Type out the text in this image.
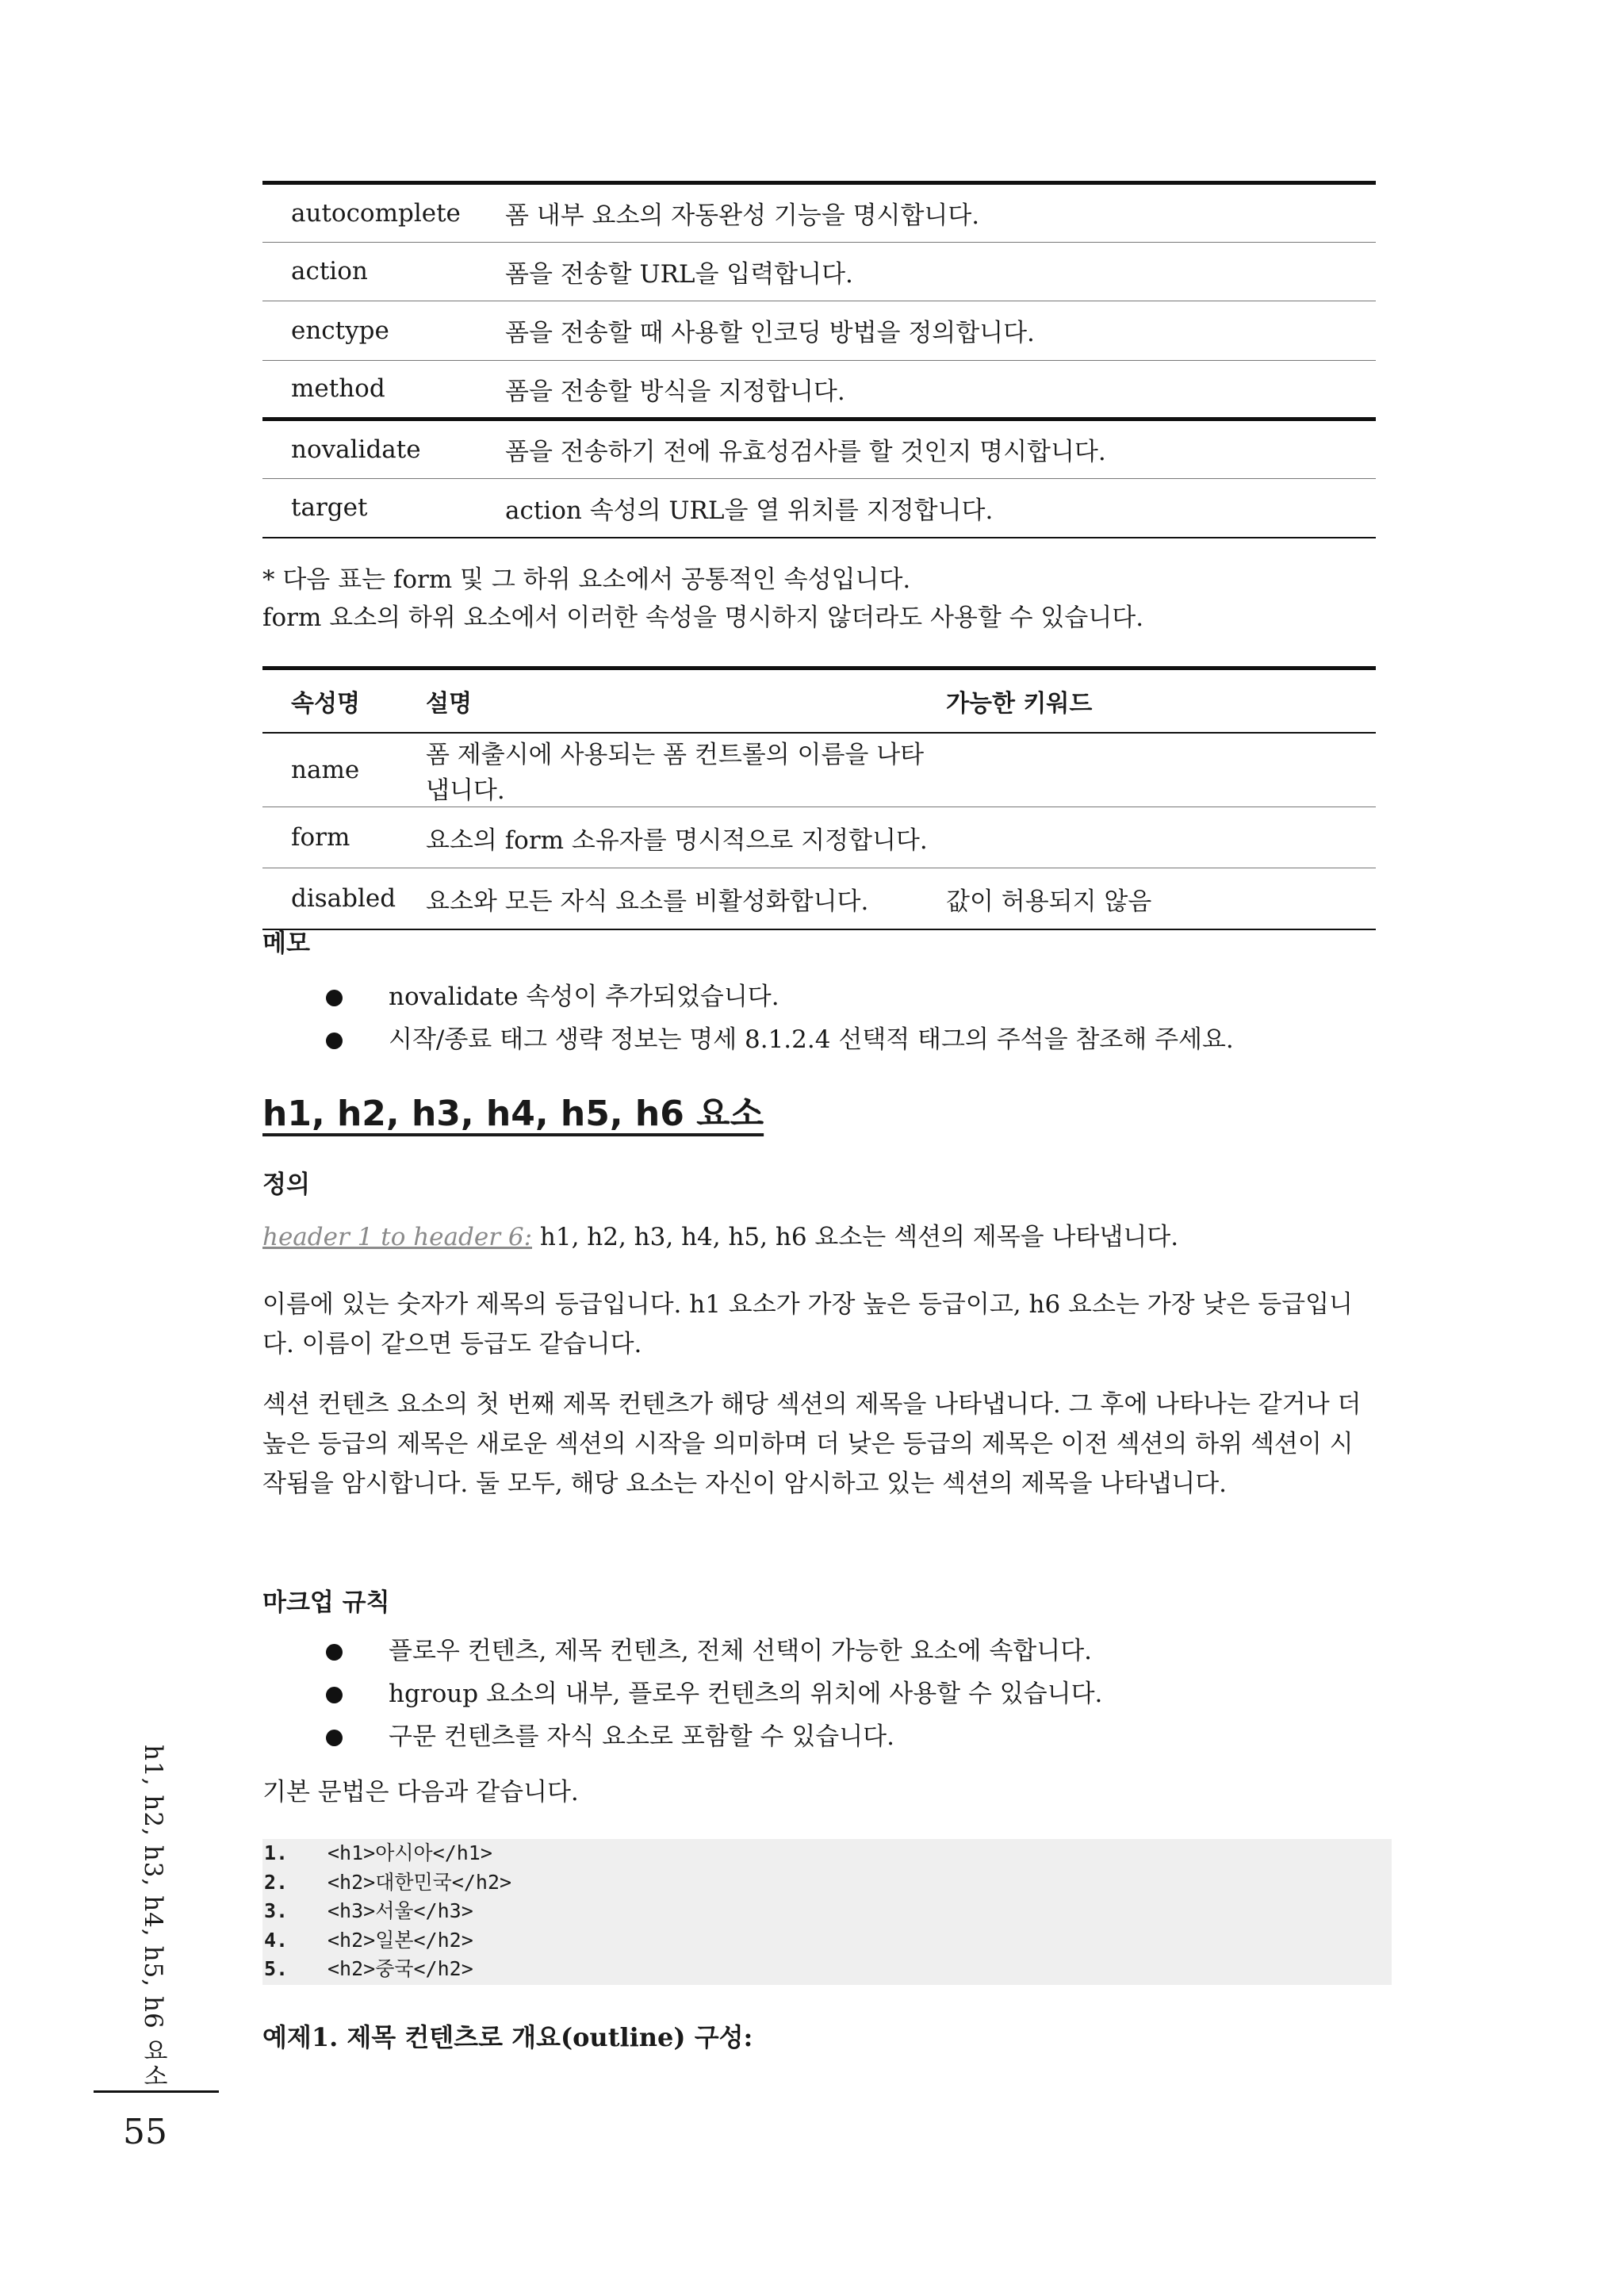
autocomplete	폼 내부 요소의 자동완성 기능을 명시합니다.
action	폼을 전송할 URL을 입력합니다.
enctype	폼을 전송할 때 사용할 인코딩 방법을 정의합니다.
method	폼을 전송할 방식을 지정합니다.
novalidate	폼을 전송하기 전에 유효성검사를 할 것인지 명시합니다.
target	action 속성의 URL을 열 위치를 지정합니다.
* 다음 표는 form 및 그 하위 요소에서 공통적인 속성입니다.
form 요소의 하위 요소에서 이러한 속성을 명시하지 않더라도 사용할 수 있습니다.
속성명	설명	가능한 키워드
name	폼 제출시에 사용되는 폼 컨트롤의 이름을 나타냅니다.	
form	요소의 form 소유자를 명시적으로 지정합니다.	
disabled	요소와 모든 자식 요소를 비활성화합니다.	값이 허용되지 않음
메모
novalidate 속성이 추가되었습니다.
시작/종료 태그 생략 정보는 명세 8.1.2.4 선택적 태그의 주석을 참조해 주세요.
h1, h2, h3, h4, h5, h6 요소
정의
header 1 to header 6: h1, h2, h3, h4, h5, h6 요소는 섹션의 제목을 나타냅니다.
이름에 있는 숫자가 제목의 등급입니다. h1 요소가 가장 높은 등급이고, h6 요소는 가장 낮은 등급입니다. 이름이 같으면 등급도 같습니다.
섹션 컨텐츠 요소의 첫 번째 제목 컨텐츠가 해당 섹션의 제목을 나타냅니다. 그 후에 나타나는 같거나 더 높은 등급의 제목은 새로운 섹션의 시작을 의미하며 더 낮은 등급의 제목은 이전 섹션의 하위 섹션이 시작됨을 암시합니다. 둘 모두, 해당 요소는 자신이 암시하고 있는 섹션의 제목을 나타냅니다.
마크업 규칙
플로우 컨텐츠, 제목 컨텐츠, 전체 선택이 가능한 요소에 속합니다.
hgroup 요소의 내부, 플로우 컨텐츠의 위치에 사용할 수 있습니다.
구문 컨텐츠를 자식 요소로 포함할 수 있습니다.
기본 문법은 다음과 같습니다.
1. <h1>아시아</h1>
2. <h2>대한민국</h2>
3. <h3>서울</h3>
4. <h2>일본</h2>
5. <h2>중국</h2>
예제1. 제목 컨텐츠로 개요(outline) 구성:
h1, h2, h3, h4, h5, h6 요소
55
